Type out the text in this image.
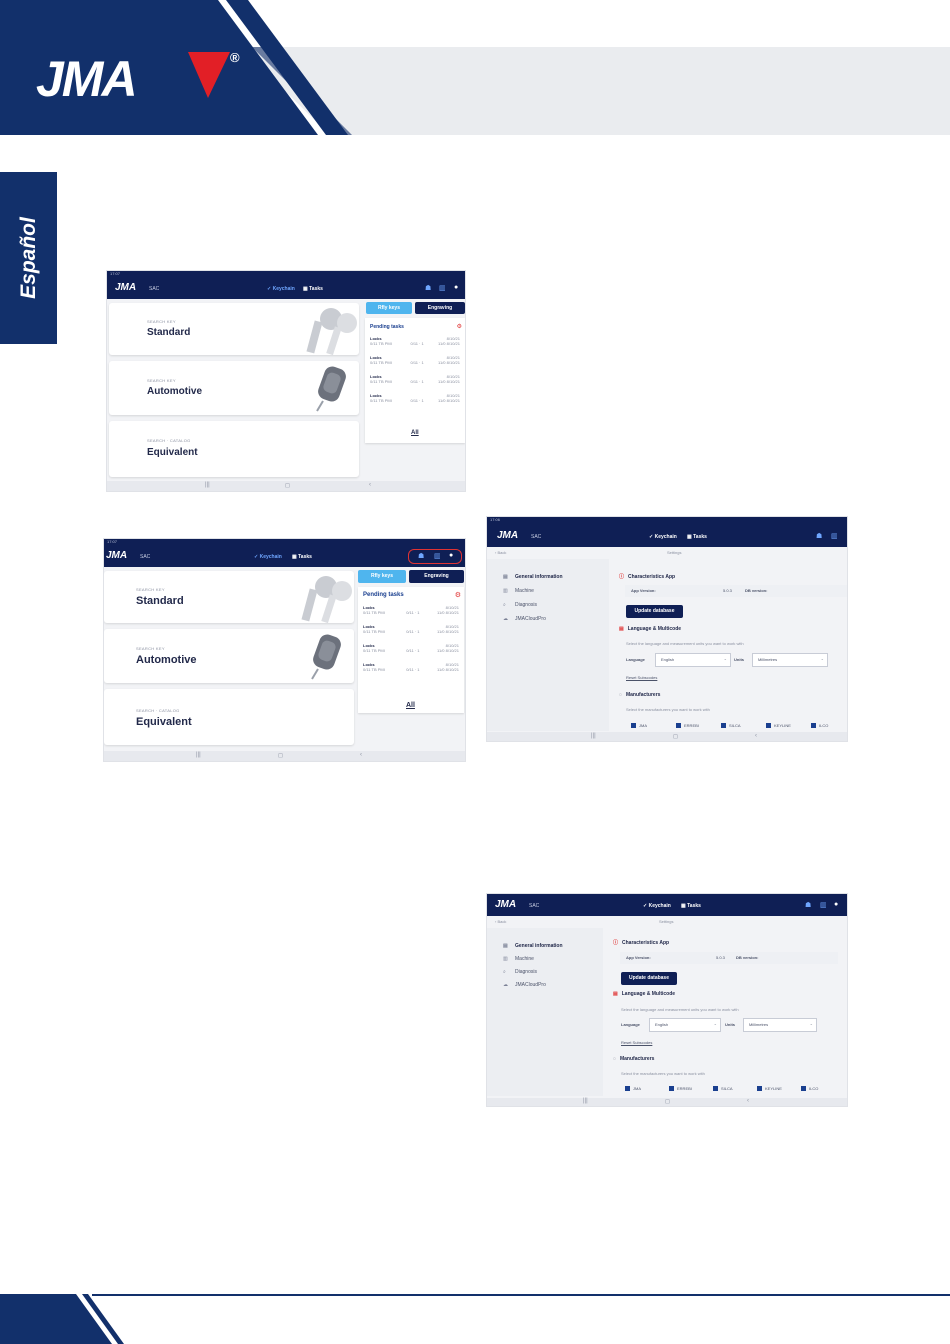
JMA	®
Español	17:07
JMA	SAC	✓ Keychain ▦ Tasks	☗ ▥ ●
SEARCH KEY
Standard
SEARCH KEY
Automotive
SEARCH · CATALOG
Equivalent
Rfly keys	Engraving
Pending tasks	⚙
Locks	8/10/21
0/11 TB PMI	0/11 · 1	11/0 8/10/21
Locks	8/10/21
0/11 TB PMI	0/11 · 1	11/0 8/10/21
Locks	8/10/21
0/11 TB PMI	0/11 · 1	11/0 8/10/21
Locks	8/10/21
0/11 TB PMI	0/11 · 1	11/0 8/10/21
All
|||	◻	‹
17:07
JMA	SAC	✓ Keychain ▦ Tasks	☗ ▥ ●
SEARCH KEY
Standard
SEARCH KEY
Automotive
SEARCH · CATALOG
Equivalent
Rfly keys	Engraving
Pending tasks	⚙
Locks	8/10/21
0/11 TB PMI	0/11 · 1	11/0 8/10/21
Locks	8/10/21
0/11 TB PMI	0/11 · 1	11/0 8/10/21
Locks	8/10/21
0/11 TB PMI	0/11 · 1	11/0 8/10/21
Locks	8/10/21
0/11 TB PMI	0/11 · 1	11/0 8/10/21
All
|||	◻	‹
17:06
JMA	SAC	✓ Keychain ▦ Tasks	☗ ▥
‹ Back	Settings
▤ General information
▥ Machine
⌕ Diagnosis
☁ JMACloudPro
ⓘ Characteristics App
App Version:	5.0.3	DB version:
Update database
▤ Language & Multicode
Select the language and measurement units you want to work with
Language	English	⌄ Units	Millimetres	⌄
Reset Subscodes
◌ Manufacturers
Select the manufacturers you want to work with
JMA	ERREBI	SILCA	KEYLINE	ILCO
|||	◻	‹
JMA	SAC	✓ Keychain ▦ Tasks	☗ ▥ ●
‹ Back	Settings
▤ General information
▥ Machine
⌕ Diagnosis
☁ JMACloudPro
ⓘ Characteristics App
App Version:	5.0.3	DB version:
Update database
▤ Language & Multicode
Select the language and measurement units you want to work with
Language	English	⌄ Units	Millimetres	⌄
Reset Subscodes
◌ Manufacturers
Select the manufacturers you want to work with
JMA	ERREBI	SILCA	KEYLINE	ILCO
|||	◻	‹
